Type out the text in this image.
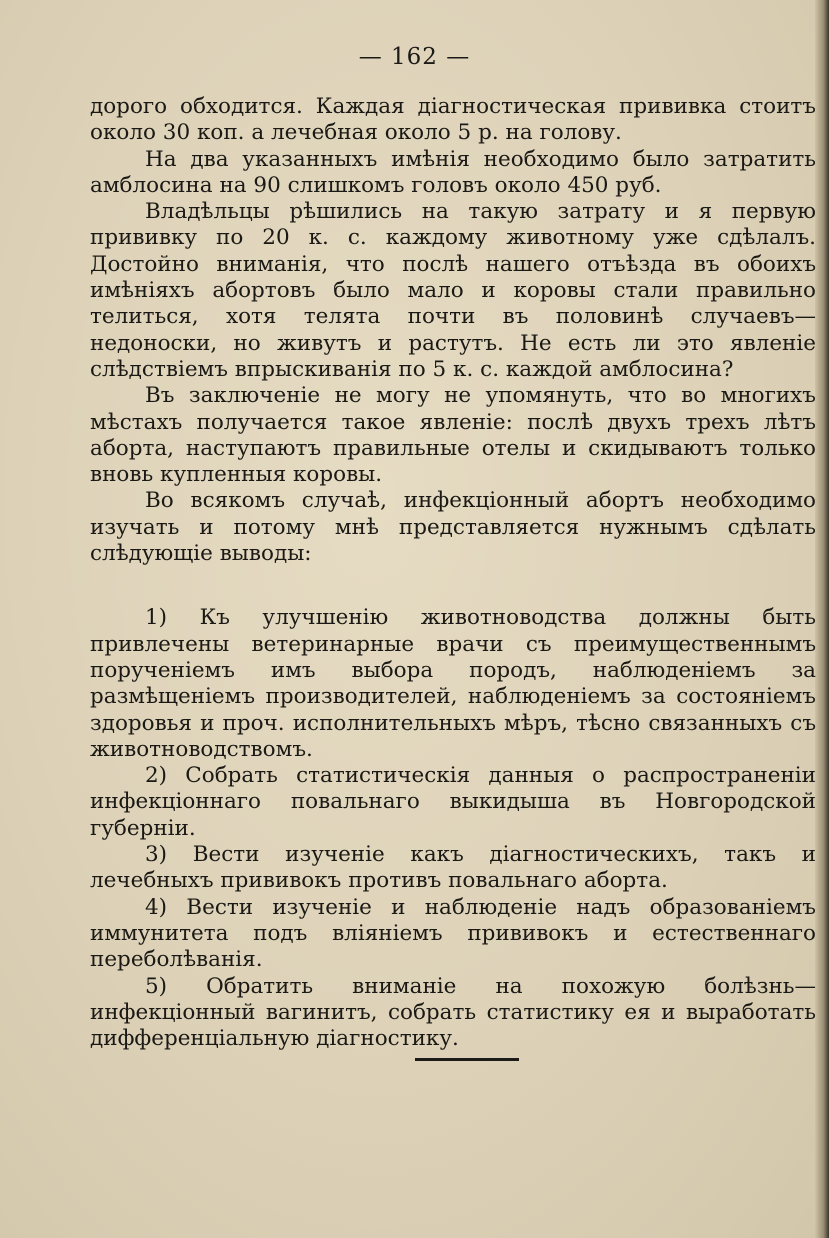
— 162 —

дорого обходится. Каждая дiагностическая прививка стоитъ около 30 коп. а лечебная около 5 р. на голову.

На два указанныхъ имѣнiя необходимо было затратить амблосина на 90 слишкомъ головъ около 450 руб.

Владѣльцы рѣшились на такую затрату и я первую прививку по 20 к. с. каждому животному уже сдѣлалъ. Достойно вниманiя, что послѣ нашего отъѣзда въ обоихъ имѣнiяхъ абортовъ было мало и коровы стали правильно телиться, хотя телята почти въ половинѣ случаевъ—недоноски, но живутъ и растутъ. Не есть ли это явленiе слѣдствiемъ впрыскиванiя по 5 к. с. каждой амблосина?

Въ заключенiе не могу не упомянуть, что во многихъ мѣстахъ получается такое явленiе: послѣ двухъ трехъ лѣтъ аборта, наступаютъ правильные отелы и скидываютъ только вновь купленныя коровы.

Во всякомъ случаѣ, инфекцiонный абортъ необходимо изучать и потому мнѣ представляется нужнымъ сдѣлать слѣдующiе выводы:

1) Къ улучшенiю животноводства должны быть привлечены ветеринарные врачи съ преимущественнымъ порученiемъ имъ выбора породъ, наблюденiемъ за размѣщенiемъ производителей, наблюденiемъ за состоянiемъ здоровья и проч. исполнительныхъ мѣръ, тѣсно связанныхъ съ животноводствомъ.

2) Собрать статистическiя данныя о распространенiи инфекцiоннаго повальнаго выкидыша въ Новгородской губернiи.

3) Вести изученiе какъ дiагностическихъ, такъ и лечебныхъ прививокъ противъ повальнаго аборта.

4) Вести изученiе и наблюденiе надъ образованiемъ иммунитета подъ влiянiемъ прививокъ и естественнаго переболѣванiя.

5) Обратить вниманiе на похожую болѣзнь—инфекцiонный вагинитъ, собрать статистику ея и выработать дифференцiальную дiагностику.
